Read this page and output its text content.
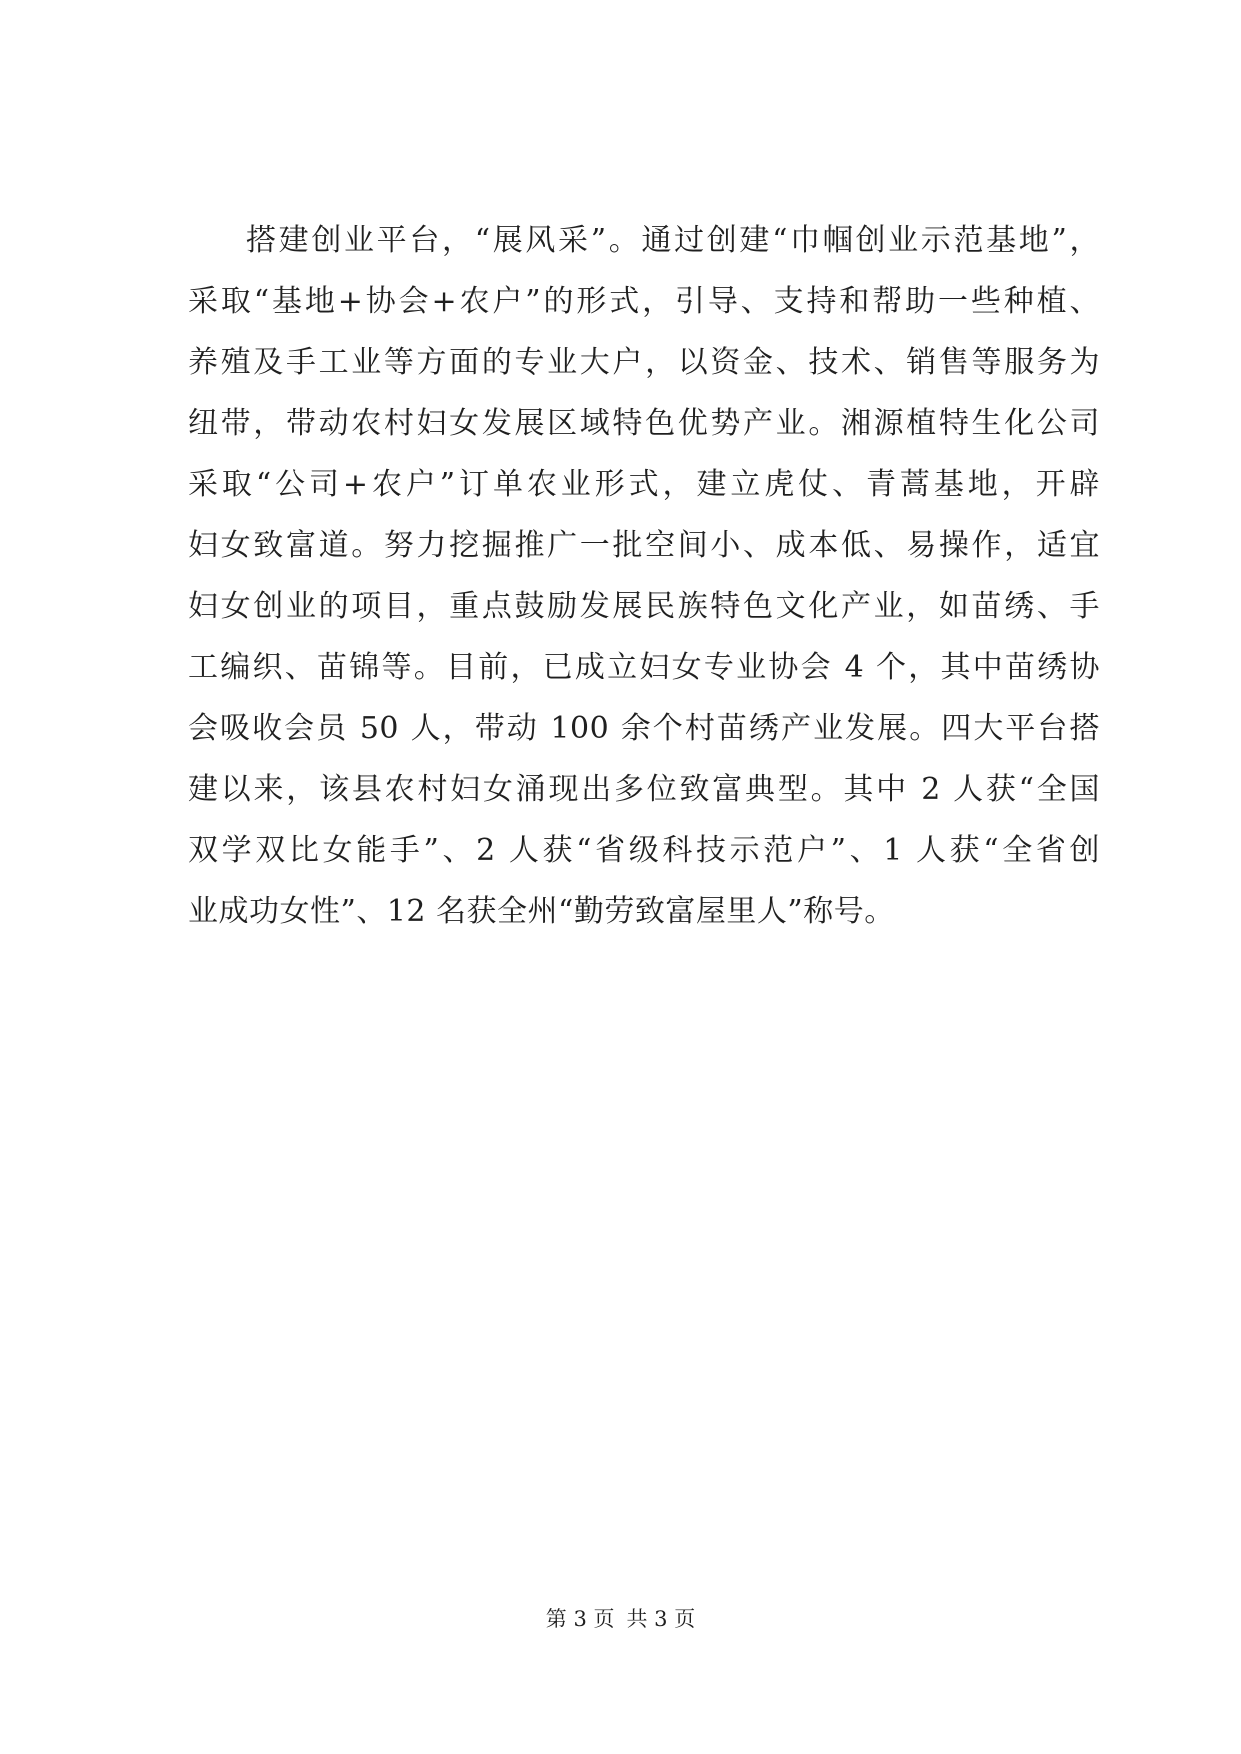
搭建创业平台，“展风采”。通过创建“巾帼创业示范基地”，
采取“基地+协会+农户”的形式，引导、支持和帮助一些种植、
养殖及手工业等方面的专业大户，以资金、技术、销售等服务为
纽带，带动农村妇女发展区域特色优势产业。湘源植特生化公司
采取“公司+农户”订单农业形式，建立虎仗、青蒿基地，开辟
妇女致富道。努力挖掘推广一批空间小、成本低、易操作，适宜
妇女创业的项目，重点鼓励发展民族特色文化产业，如苗绣、手
工编织、苗锦等。目前，已成立妇女专业协会 4 个，其中苗绣协
会吸收会员 50 人，带动 100 余个村苗绣产业发展。四大平台搭
建以来，该县农村妇女涌现出多位致富典型。其中 2 人获“全国
双学双比女能手”、2 人获“省级科技示范户”、1 人获“全省创
业成功女性”、12 名获全州“勤劳致富屋里人”称号。
第 3 页 共 3 页
